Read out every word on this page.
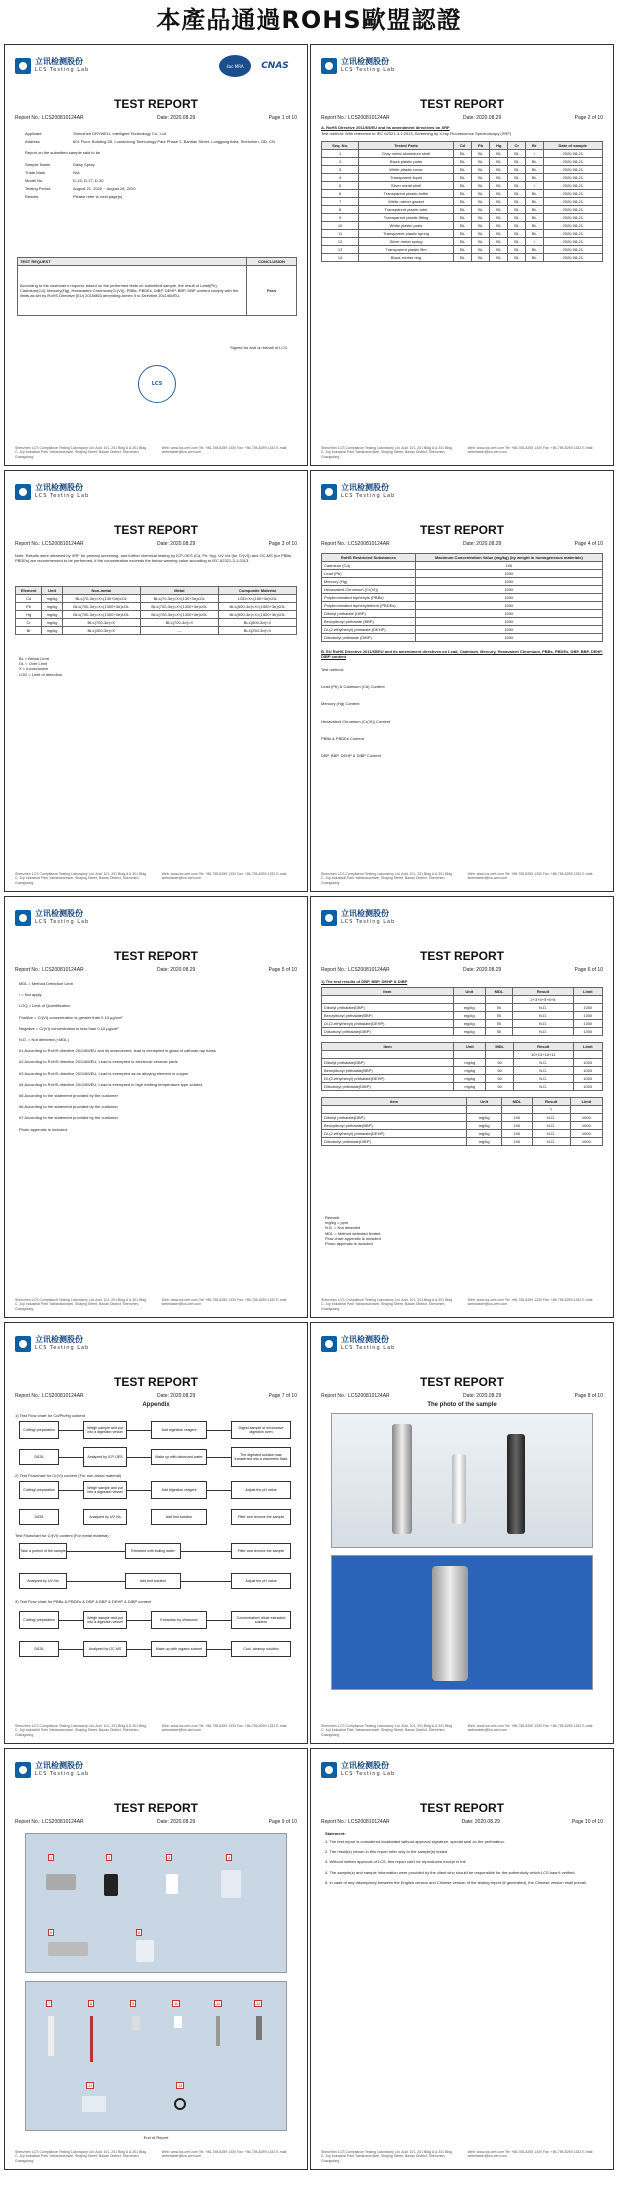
本產品通過ROHS歐盟認證
立讯检测股份
LCS Testing Lab
ilac-MRA	CNAS
TEST REPORT
Report No.: LCS200810124AR	Date: 2020.08.29	Page 1 of 10
Applicant	Shenzhen DRYWELL Intelligent Technology Co., Ltd
Address	601 Floor, Building 2B, Luoshuiong Technology Park Phase 2, Bantian Street, Longgang Area, Shenzhen, GD, CN
Report on the submitted sample said to be
Sample Name	Daisy Spray
Trade Mark	N/A
Model No.	D-15, D-17, D-30
Testing Period	August 21, 2020 ~ August 28, 2020
Results	Please refer to next page(s)
TEST REQUEST	CONCLUSION
According to the customer's request, based on the performed tests on submitted sample, the result of Lead(Pb), Cadmium(Cd), Mercury(Hg), Hexavalent Chromium(Cr(VI)), PBBs, PBDEs, DiBP, DEHP, BBP, DBP content comply with the limits as set by RoHS Directive (EU) 2015/863 amending Annex II to Directive 2011/65/EU.	Pass
Signed for and on behalf of LCS
LCS
Shenzhen LCS Compliance Testing Laboratory Ltd. Add: 101, 201 Bldg A & 301 Bldg C, Juji Industrial Park Yabianxueziwei, Shajing Street, Baoan District, Shenzhen, Guangdong
Web: www.lcs-cert.com Tel: +86-755-8259 1330 Fax: +86-755-8259 1332 E-mail: webmaster@lcs-cert.com
立讯检测股份
LCS Testing Lab
TEST REPORT
Report No.: LCS200810124AR	Date: 2020.08.29	Page 2 of 10
A. RoHS Directive 2011/65/EU and its amendment directives on XRF
Test method: With reference to IEC 62321-3-1:2013, Screening by X-ray Fluorescence Spectroscopy (XRF)
Seq. No.	Tested Parts	Cd	Pb	Hg	Cr	Br	Date of sample
1	Gray metal aluminium shell	BL	BL	BL	BL	/	2020-08-21
2	Black plastic parts	BL	BL	BL	BL	BL	2020-08-21
3	White plastic cover	BL	BL	BL	BL	BL	2020-08-21
4	Transparent liquid	BL	BL	BL	BL	BL	2020-08-21
5	Silver metal shell	BL	BL	BL	BL	/	2020-08-21
6	Transparent plastic bottle	BL	BL	BL	BL	BL	2020-08-21
7	White rubber gasket	BL	BL	BL	BL	BL	2020-08-21
8	Transparent plastic tube	BL	BL	BL	BL	BL	2020-08-21
9	Transparent plastic fitting	BL	BL	BL	BL	BL	2020-08-21
10	White plastic parts	BL	BL	BL	BL	BL	2020-08-21
11	Transparent plastic spring	BL	BL	BL	BL	BL	2020-08-21
12	Silver metal spring	BL	BL	BL	BL	/	2020-08-21
13	Transparent plastic film	BL	BL	BL	BL	BL	2020-08-21
14	Black rubber ring	BL	BL	BL	BL	BL	2020-08-21
Shenzhen LCS Compliance Testing Laboratory Ltd. Add: 101, 201 Bldg A & 301 Bldg C, Juji Industrial Park Yabianxueziwei, Shajing Street, Baoan District, Shenzhen, Guangdong
Web: www.lcs-cert.com Tel: +86-755-8259 1330 Fax: +86-755-8259 1332 E-mail: webmaster@lcs-cert.com
立讯检测股份
LCS Testing Lab
TEST REPORT
Report No.: LCS200810124AR	Date: 2020.08.29	Page 3 of 10
Note: Results were obtained by XRF for primary screening, and further chemical testing by ICP-OES (Cd, Pb, Hg), UV-Vis (for Cr(VI)) and GC-MS (for PBBs, PBDEs) are recommended to be performed, if the concentration exceeds the below warning value according to IEC 62321-3-1:2013.
Element	Unit	Non-metal	Metal	Composite Material
Cd	mg/kg	BL≤(70-3σ)<X<(130+3σ)≤OL	BL≤(70-3σ)<X<(130+3σ)≤OL	LOD<X<(150+3σ)≤OL
Pb	mg/kg	BL≤(700-3σ)<X<(1300+3σ)≤OL	BL≤(700-3σ)<X<(1300+3σ)≤OL	BL≤(500-3σ)<X<(1500+3σ)≤OL
Hg	mg/kg	BL≤(700-3σ)<X<(1300+3σ)≤OL	BL≤(700-3σ)<X<(1300+3σ)≤OL	BL≤(500-3σ)<X<(1500+3σ)≤OL
Cr	mg/kg	BL≤(700-3σ)<X	BL≤(700-3σ)<X	BL≤(500-3σ)<X
Br	mg/kg	BL≤(300-3σ)<X	---	BL≤(250-3σ)<X
BL = Below Limit
OL = Over Limit
X = Inconclusive
LOD = Limit of detection
Shenzhen LCS Compliance Testing Laboratory Ltd. Add: 101, 201 Bldg A & 301 Bldg C, Juji Industrial Park Yabianxueziwei, Shajing Street, Baoan District, Shenzhen, Guangdong
Web: www.lcs-cert.com Tel: +86-755-8259 1330 Fax: +86-755-8259 1332 E-mail: webmaster@lcs-cert.com
立讯检测股份
LCS Testing Lab
TEST REPORT
Report No.: LCS200810124AR	Date: 2020.08.29	Page 4 of 10
RoHS Restricted Substances	Maximum Concentration Value (mg/kg) (by weight in homogeneous materials)
Cadmium (Cd)	100
Lead (Pb)	1000
Mercury (Hg)	1000
Hexavalent Chromium (Cr(VI))	1000
Polybrominated biphenyls (PBBs)	1000
Polybrominated diphenylethers (PBDEs)	1000
Dibutyl phthalate (DBP)	1000
Benzylbutyl phthalate (BBP)	1000
Di-(2-ethylhexyl) phthalate (DEHP)	1000
Diisobutyl phthalate (DiBP)	1000
B. EU RoHS Directive 2011/65/EU and its amendment directives on Lead, Cadmium, Mercury, Hexavalent Chromium, PBBs, PBDEs, DBP, BBP, DEHP, DIBP content
Test method:
Lead (Pb) & Cadmium (Cd) Content
Mercury (Hg) Content
Hexavalent Chromium (Cr(VI)) Content
PBBs & PBDEs Content
DBP, BBP, DEHP & DIBP Content
Shenzhen LCS Compliance Testing Laboratory Ltd. Add: 101, 201 Bldg A & 301 Bldg C, Juji Industrial Park Yabianxueziwei, Shajing Street, Baoan District, Shenzhen, Guangdong
Web: www.lcs-cert.com Tel: +86-755-8259 1330 Fax: +86-755-8259 1332 E-mail: webmaster@lcs-cert.com
立讯检测股份
LCS Testing Lab
TEST REPORT
Report No.: LCS200810124AR	Date: 2020.08.29	Page 5 of 10
MDL = Method Detection Limit
/ = Not apply
LOQ = Limit of Quantification
Positive = Cr(VI) concentration is greater than 0.13 μg/cm²
Negative = Cr(VI) concentration is less than 0.10 μg/cm²
N.D. = Not detected (<MDL)
#1 According to RoHS directive 2011/65/EU and its amendment, lead is exempted in glass of cathode ray tubes
#2 According to RoHS directive 2011/65/EU, Lead is exempted in electronic ceramic parts
#3 According to RoHS directive 2011/65/EU, Lead is exempted as an alloying element in copper
#4 According to RoHS directive 2011/65/EU, Lead is exempted in high melting temperature type solders
#5 According to the statement provided by the customer
#6 According to the statement provided by the customer
#7 According to the statement provided by the customer
Photo appendix is included.
Shenzhen LCS Compliance Testing Laboratory Ltd. Add: 101, 201 Bldg A & 301 Bldg C, Juji Industrial Park Yabianxueziwei, Shajing Street, Baoan District, Shenzhen, Guangdong
Web: www.lcs-cert.com Tel: +86-755-8259 1330 Fax: +86-755-8259 1332 E-mail: webmaster@lcs-cert.com
立讯检测股份
LCS Testing Lab
TEST REPORT
Report No.: LCS200810124AR	Date: 2020.08.29	Page 6 of 10
1) The test results of DBP, BBP, DEHP & DIBP
Item	Unit	MDL	Result	Limit
			2+3+4+5+6+8	
Dibutyl phthalate(DBP)	mg/kg	50	N.D.	1000
Benzylbutyl phthalate(BBP)	mg/kg	50	N.D.	1000
Di-(2-ethylhexyl) phthalate(DEHP)	mg/kg	50	N.D.	1000
Diisobutyl phthalate(DiBP)	mg/kg	50	N.D.	1000
Item	Unit	MDL	Result	Limit
			10+13+16+11	
Dibutyl phthalate(DBP)	mg/kg	50	N.D.	1000
Benzylbutyl phthalate(BBP)	mg/kg	50	N.D.	1000
Di-(2-ethylhexyl) phthalate(DEHP)	mg/kg	50	N.D.	1000
Diisobutyl phthalate(DiBP)	mg/kg	50	N.D.	1000
Item	Unit	MDL	Result	Limit
			7	
Dibutyl phthalate(DBP)	mg/kg	100	N.D.	1000
Benzylbutyl phthalate(BBP)	mg/kg	100	N.D.	1000
Di-(2-ethylhexyl) phthalate(DEHP)	mg/kg	100	N.D.	1000
Diisobutyl phthalate(DiBP)	mg/kg	100	N.D.	1000
Remark:
mg/kg = ppm
N.D. = Not detected
MDL = Method detected limited
Flow chart appendix is included
Photo appendix is included
Shenzhen LCS Compliance Testing Laboratory Ltd. Add: 101, 201 Bldg A & 301 Bldg C, Juji Industrial Park Yabianxueziwei, Shajing Street, Baoan District, Shenzhen, Guangdong
Web: www.lcs-cert.com Tel: +86-755-8259 1330 Fax: +86-755-8259 1332 E-mail: webmaster@lcs-cert.com
立讯检测股份
LCS Testing Lab
TEST REPORT
Report No.: LCS200810124AR	Date: 2020.08.29	Page 7 of 10
Appendix
1) Test Flow chart for Cd/Pb/Hg content
Cutting/ preparation	Weigh sample and put into a digestion vessel	Add digestion reagent	Digest sample of microwave digestion oven
DATA	Analyzed by ICP-OES	Make up with deionized water	The digested solution was transferred into a volumetric flask
2) Test Flowchart for Cr(VI) content (For non-metal material)
Cutting/ preparation	Weigh sample and put into a digestion vessel	Add digestion reagent	Adjust the pH value
DATA	Analyzed by UV-Vis	Add test solution	Filter and remove the sample
Test Flowchart for Cr(VI) content (For metal material)
Take a portion of the sample	Extracted with boiling water	Filter and remove the sample
Analyzed by UV-Vis	Add test solution	Adjust the pH value
3) Test Flow chart for PBBs & PBDEs & DBP & BBP & DEHP & DIBP content
Cutting/ preparation	Weigh sample and put into a digestion vessel	Extraction by ultrasonic	Concentration/ dilute extracted solution
DATA	Analyzed by GC-MS	Make up with organic solvent	Cool, cleanup solution
Shenzhen LCS Compliance Testing Laboratory Ltd. Add: 101, 201 Bldg A & 301 Bldg C, Juji Industrial Park Yabianxueziwei, Shajing Street, Baoan District, Shenzhen, Guangdong
Web: www.lcs-cert.com Tel: +86-755-8259 1330 Fax: +86-755-8259 1332 E-mail: webmaster@lcs-cert.com
立讯检测股份
LCS Testing Lab
TEST REPORT
Report No.: LCS200810124AR	Date: 2020.08.29	Page 8 of 10
The photo of the sample
Shenzhen LCS Compliance Testing Laboratory Ltd. Add: 101, 201 Bldg A & 301 Bldg C, Juji Industrial Park Yabianxueziwei, Shajing Street, Baoan District, Shenzhen, Guangdong
Web: www.lcs-cert.com Tel: +86-755-8259 1330 Fax: +86-755-8259 1332 E-mail: webmaster@lcs-cert.com
立讯检测股份
LCS Testing Lab
TEST REPORT
Report No.: LCS200810124AR	Date: 2020.08.29	Page 9 of 10
1	2	3	4
5	6
7	8	9	10	11	12
13	14
End of Report
Shenzhen LCS Compliance Testing Laboratory Ltd. Add: 101, 201 Bldg A & 301 Bldg C, Juji Industrial Park Yabianxueziwei, Shajing Street, Baoan District, Shenzhen, Guangdong
Web: www.lcs-cert.com Tel: +86-755-8259 1330 Fax: +86-755-8259 1332 E-mail: webmaster@lcs-cert.com
立讯检测股份
LCS Testing Lab
TEST REPORT
Report No.: LCS200810124AR	Date: 2020.08.29	Page 10 of 10
Statement:
1. The test report is considered invalidated without approval signature, special seal on the perforation.
2. The result(s) shown in this report refer only to the sample(s) tested.
3. Without written approval of LCS, this report can't be reproduced except in full.
4. The sample(s) and sample information were provided by the client who should be responsible for the authenticity which LCS hasn't verified.
5. In case of any discrepancy between the English version and Chinese version of the testing report (if generated), the Chinese version shall prevail.
Shenzhen LCS Compliance Testing Laboratory Ltd. Add: 101, 201 Bldg A & 301 Bldg C, Juji Industrial Park Yabianxueziwei, Shajing Street, Baoan District, Shenzhen, Guangdong
Web: www.lcs-cert.com Tel: +86-755-8259 1330 Fax: +86-755-8259 1332 E-mail: webmaster@lcs-cert.com
